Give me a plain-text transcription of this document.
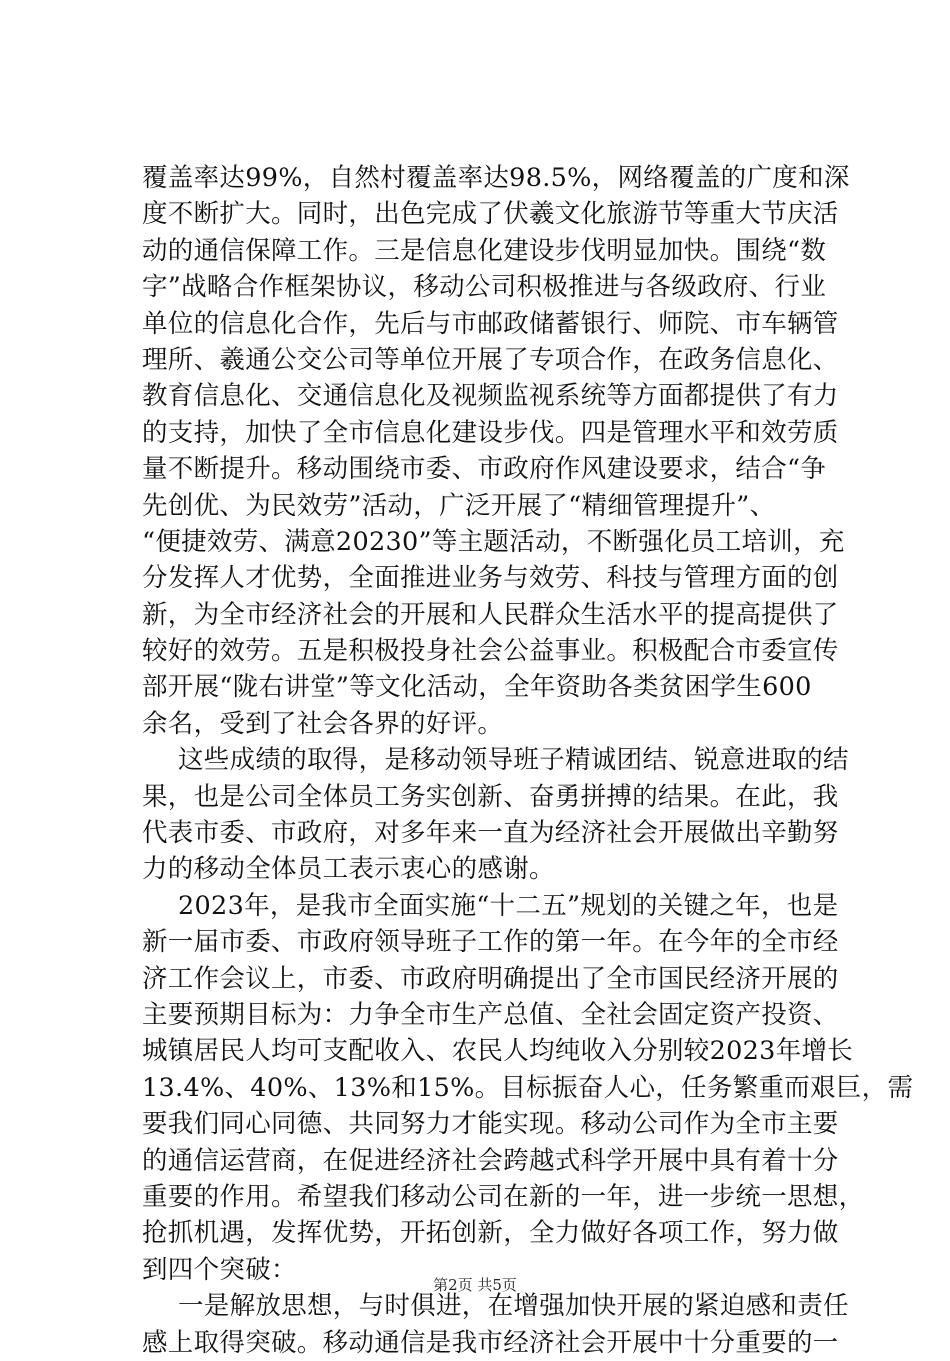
覆盖率达99%，自然村覆盖率达98.5%，网络覆盖的广度和深
度不断扩大。同时，出色完成了伏羲文化旅游节等重大节庆活
动的通信保障工作。三是信息化建设步伐明显加快。围绕“数
字”战略合作框架协议，移动公司积极推进与各级政府、行业
单位的信息化合作，先后与市邮政储蓄银行、师院、市车辆管
理所、羲通公交公司等单位开展了专项合作，在政务信息化、
教育信息化、交通信息化及视频监视系统等方面都提供了有力
的支持，加快了全市信息化建设步伐。四是管理水平和效劳质
量不断提升。移动围绕市委、市政府作风建设要求，结合“争
先创优、为民效劳”活动，广泛开展了“精细管理提升”、
“便捷效劳、满意20230”等主题活动，不断强化员工培训，充
分发挥人才优势，全面推进业务与效劳、科技与管理方面的创
新，为全市经济社会的开展和人民群众生活水平的提高提供了
较好的效劳。五是积极投身社会公益事业。积极配合市委宣传
部开展“陇右讲堂”等文化活动，全年资助各类贫困学生600
余名，受到了社会各界的好评。
这些成绩的取得，是移动领导班子精诚团结、锐意进取的结
果，也是公司全体员工务实创新、奋勇拼搏的结果。在此，我
代表市委、市政府，对多年来一直为经济社会开展做出辛勤努
力的移动全体员工表示衷心的感谢。
2023年，是我市全面实施“十二五”规划的关键之年，也是
新一届市委、市政府领导班子工作的第一年。在今年的全市经
济工作会议上，市委、市政府明确提出了全市国民经济开展的
主要预期目标为：力争全市生产总值、全社会固定资产投资、
城镇居民人均可支配收入、农民人均纯收入分别较2023年增长
13.4%、40%、13%和15%。目标振奋人心，任务繁重而艰巨，需
要我们同心同德、共同努力才能实现。移动公司作为全市主要
的通信运营商，在促进经济社会跨越式科学开展中具有着十分
重要的作用。希望我们移动公司在新的一年，进一步统一思想，
抢抓机遇，发挥优势，开拓创新，全力做好各项工作，努力做
到四个突破：
一是解放思想，与时俱进，在增强加快开展的紧迫感和责任
感上取得突破。移动通信是我市经济社会开展中十分重要的一
第2页 共5页
